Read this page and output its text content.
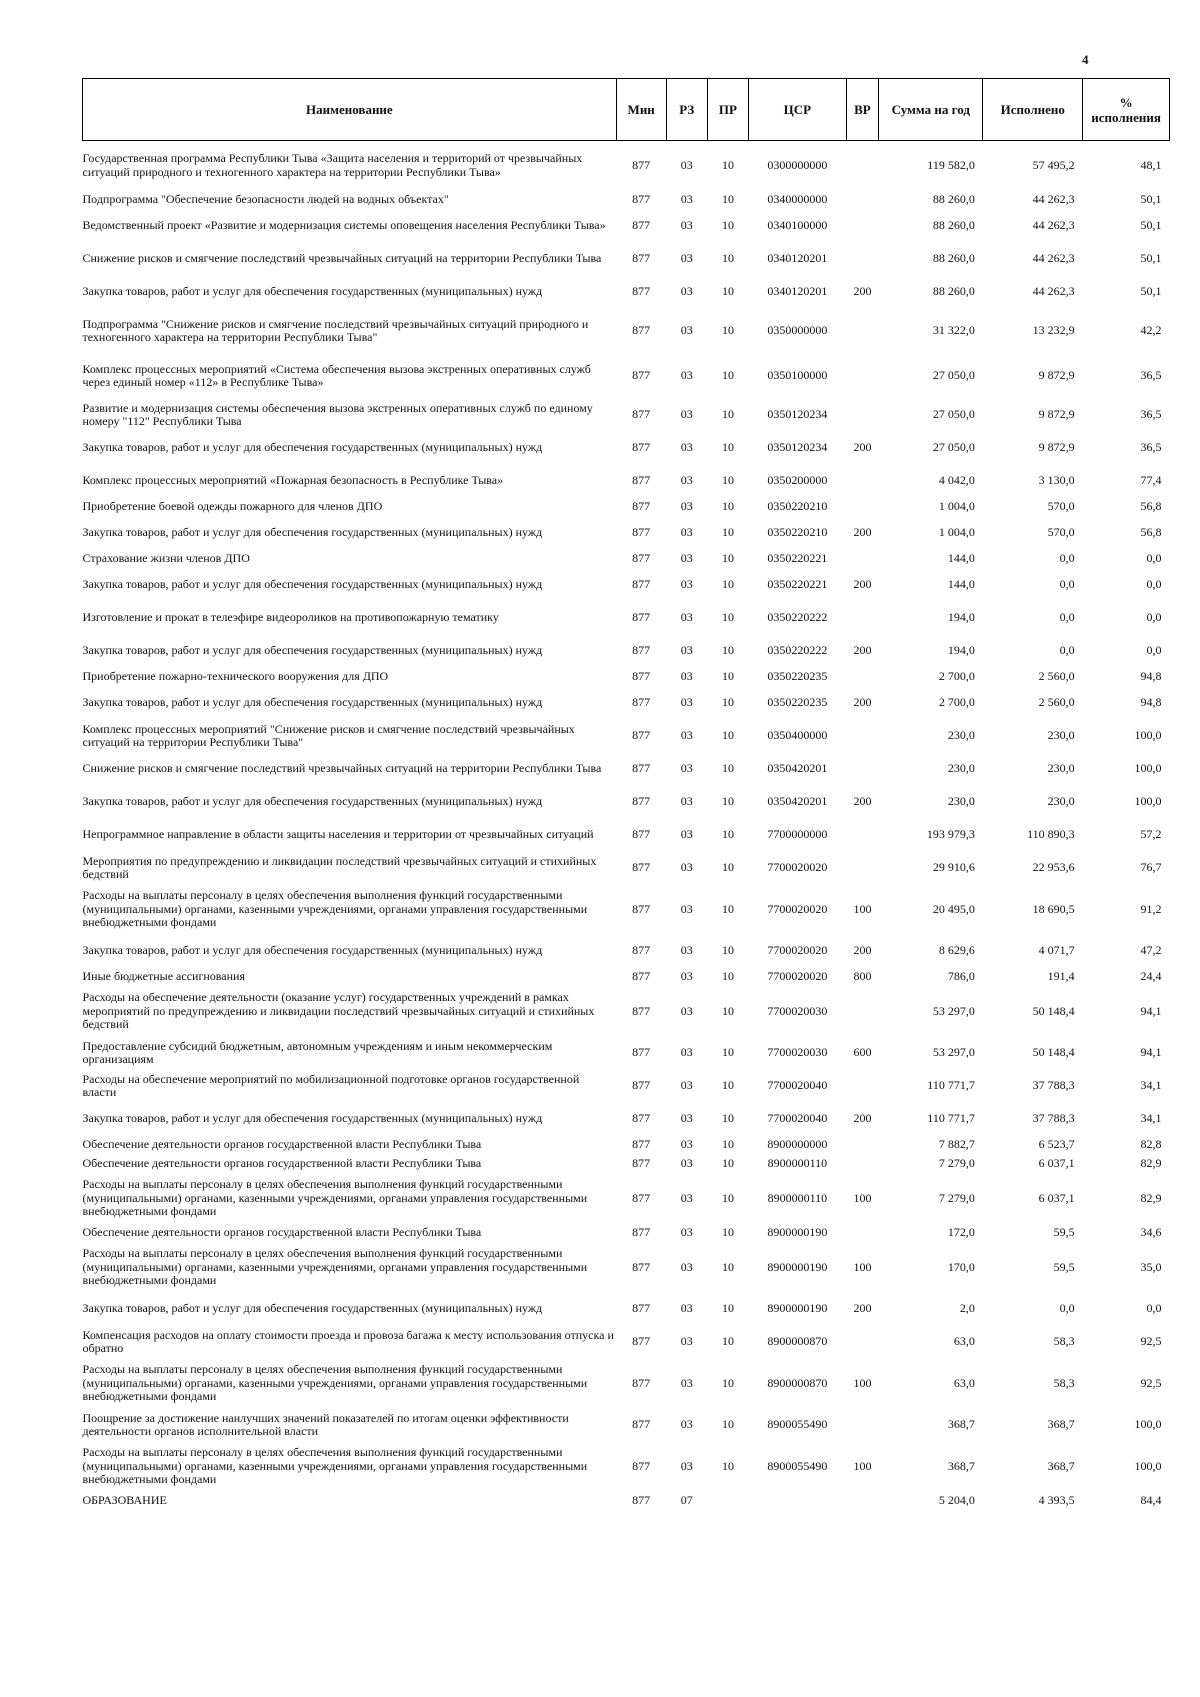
4
Наименование	Мин	РЗ	ПР	ЦСР	ВР	Сумма на год	Исполнено	% исполнения
Государственная программа Республики Тыва «Защита населения и территорий от чрезвычайных ситуаций природного и техногенного характера на территории Республики Тыва»	877	03	10	0300000000		119 582,0	57 495,2	48,1
Подпрограмма "Обеспечение безопасности людей на водных объектах"	877	03	10	0340000000		88 260,0	44 262,3	50,1
Ведомственный проект «Развитие и модернизация системы оповещения населения Республики Тыва»	877	03	10	0340100000		88 260,0	44 262,3	50,1
Снижение рисков и смягчение последствий чрезвычайных ситуаций на территории Республики Тыва	877	03	10	0340120201		88 260,0	44 262,3	50,1
Закупка товаров, работ и услуг для обеспечения государственных (муниципальных) нужд	877	03	10	0340120201	200	88 260,0	44 262,3	50,1
Подпрограмма "Снижение рисков и смягчение последствий чрезвычайных ситуаций природного и техногенного характера на территории Республики Тыва"	877	03	10	0350000000		31 322,0	13 232,9	42,2
Комплекс процессных мероприятий «Система обеспечения вызова экстренных оперативных служб через единый номер «112» в Республике Тыва»	877	03	10	0350100000		27 050,0	9 872,9	36,5
Развитие и модернизация системы обеспечения вызова экстренных оперативных служб по единому номеру "112" Республики Тыва	877	03	10	0350120234		27 050,0	9 872,9	36,5
Закупка товаров, работ и услуг для обеспечения государственных (муниципальных) нужд	877	03	10	0350120234	200	27 050,0	9 872,9	36,5
Комплекс процессных мероприятий «Пожарная безопасность в Республике Тыва»	877	03	10	0350200000		4 042,0	3 130,0	77,4
Приобретение боевой одежды пожарного для членов ДПО	877	03	10	0350220210		1 004,0	570,0	56,8
Закупка товаров, работ и услуг для обеспечения государственных (муниципальных) нужд	877	03	10	0350220210	200	1 004,0	570,0	56,8
Страхование жизни членов ДПО	877	03	10	0350220221		144,0	0,0	0,0
Закупка товаров, работ и услуг для обеспечения государственных (муниципальных) нужд	877	03	10	0350220221	200	144,0	0,0	0,0
Изготовление и прокат в телеэфире видеороликов на противопожарную тематику	877	03	10	0350220222		194,0	0,0	0,0
Закупка товаров, работ и услуг для обеспечения государственных (муниципальных) нужд	877	03	10	0350220222	200	194,0	0,0	0,0
Приобретение пожарно-технического вооружения для ДПО	877	03	10	0350220235		2 700,0	2 560,0	94,8
Закупка товаров, работ и услуг для обеспечения государственных (муниципальных) нужд	877	03	10	0350220235	200	2 700,0	2 560,0	94,8
Комплекс процессных мероприятий "Снижение рисков и смягчение последствий чрезвычайных ситуаций на территории Республики Тыва"	877	03	10	0350400000		230,0	230,0	100,0
Снижение рисков и смягчение последствий чрезвычайных ситуаций на территории Республики Тыва	877	03	10	0350420201		230,0	230,0	100,0
Закупка товаров, работ и услуг для обеспечения государственных (муниципальных) нужд	877	03	10	0350420201	200	230,0	230,0	100,0
Непрограммное направление в области защиты населения и территории от чрезвычайных ситуаций	877	03	10	7700000000		193 979,3	110 890,3	57,2
Мероприятия по предупреждению и ликвидации последствий чрезвычайных ситуаций и стихийных бедствий	877	03	10	7700020020		29 910,6	22 953,6	76,7
Расходы на выплаты персоналу в целях обеспечения выполнения функций государственными (муниципальными) органами, казенными учреждениями, органами управления государственными внебюджетными фондами	877	03	10	7700020020	100	20 495,0	18 690,5	91,2
Закупка товаров, работ и услуг для обеспечения государственных (муниципальных) нужд	877	03	10	7700020020	200	8 629,6	4 071,7	47,2
Иные бюджетные ассигнования	877	03	10	7700020020	800	786,0	191,4	24,4
Расходы на обеспечение деятельности (оказание услуг) государственных учреждений в рамках мероприятий по предупреждению и ликвидации последствий чрезвычайных ситуаций и стихийных бедствий	877	03	10	7700020030		53 297,0	50 148,4	94,1
Предоставление субсидий бюджетным, автономным учреждениям и иным некоммерческим организациям	877	03	10	7700020030	600	53 297,0	50 148,4	94,1
Расходы на обеспечение мероприятий по мобилизационной подготовке органов государственной власти	877	03	10	7700020040		110 771,7	37 788,3	34,1
Закупка товаров, работ и услуг для обеспечения государственных (муниципальных) нужд	877	03	10	7700020040	200	110 771,7	37 788,3	34,1
Обеспечение деятельности органов государственной власти Республики Тыва	877	03	10	8900000000		7 882,7	6 523,7	82,8
Обеспечение деятельности органов государственной власти Республики Тыва	877	03	10	8900000110		7 279,0	6 037,1	82,9
Расходы на выплаты персоналу в целях обеспечения выполнения функций государственными (муниципальными) органами, казенными учреждениями, органами управления государственными внебюджетными фондами	877	03	10	8900000110	100	7 279,0	6 037,1	82,9
Обеспечение деятельности органов государственной власти Республики Тыва	877	03	10	8900000190		172,0	59,5	34,6
Расходы на выплаты персоналу в целях обеспечения выполнения функций государственными (муниципальными) органами, казенными учреждениями, органами управления государственными внебюджетными фондами	877	03	10	8900000190	100	170,0	59,5	35,0
Закупка товаров, работ и услуг для обеспечения государственных (муниципальных) нужд	877	03	10	8900000190	200	2,0	0,0	0,0
Компенсация расходов на оплату стоимости проезда и провоза багажа к месту использования отпуска и обратно	877	03	10	8900000870		63,0	58,3	92,5
Расходы на выплаты персоналу в целях обеспечения выполнения функций государственными (муниципальными) органами, казенными учреждениями, органами управления государственными внебюджетными фондами	877	03	10	8900000870	100	63,0	58,3	92,5
Поощрение за достижение наилучших значений показателей по итогам оценки эффективности деятельности органов исполнительной власти	877	03	10	8900055490		368,7	368,7	100,0
Расходы на выплаты персоналу в целях обеспечения выполнения функций государственными (муниципальными) органами, казенными учреждениями, органами управления государственными внебюджетными фондами	877	03	10	8900055490	100	368,7	368,7	100,0
ОБРАЗОВАНИЕ	877	07				5 204,0	4 393,5	84,4
